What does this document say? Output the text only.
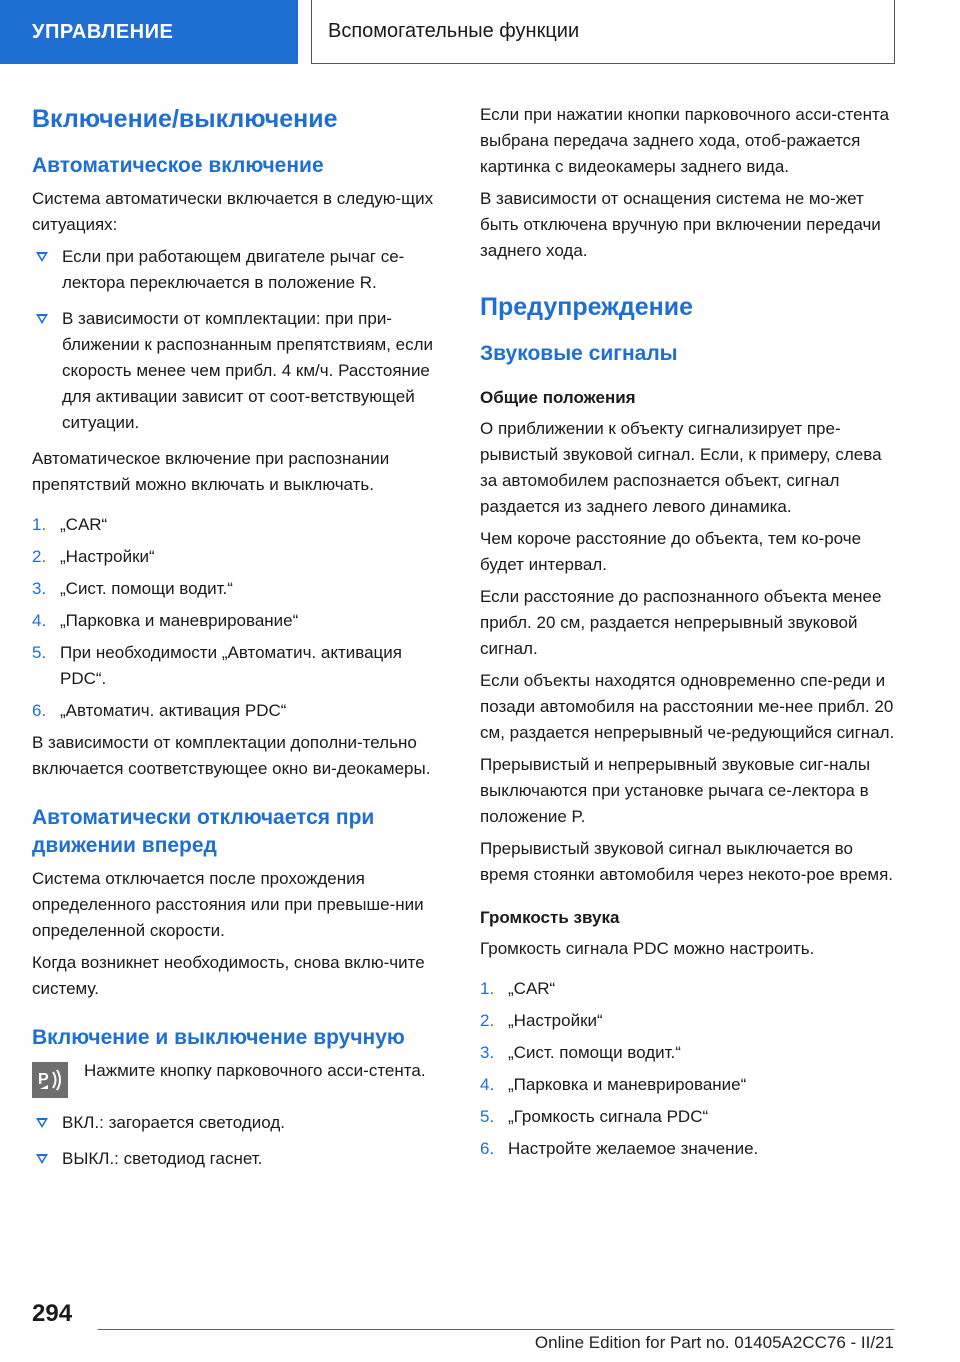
УПРАВЛЕНИЕ	Вспомогательные функции
Включение/выключение
Автоматическое включение

Система автоматически включается в следую-щих ситуациях:

Если при работающем двигателе рычаг се-лектора переключается в положение R.
В зависимости от комплектации: при при-ближении к распознанным препятствиям, если скорость менее чем прибл. 4 км/ч. Расстояние для активации зависит от соот-ветствующей ситуации.

Автоматическое включение при распознании препятствий можно включать и выключать.

1. „CAR“
2. „Настройки“
3. „Сист. помощи водит.“
4. „Парковка и маневрирование“
5. При необходимости „Автоматич. активация PDC“.
6. „Автоматич. активация PDC“

В зависимости от комплектации дополни-тельно включается соответствующее окно ви-деокамеры.

Автоматически отключается при движении вперед

Система отключается после прохождения определенного расстояния или при превыше-нии определенной скорости.

Когда возникнет необходимость, снова вклю-чите систему.

Включение и выключение вручную
P Нажмите кнопку парковочного асси-стента.

ВКЛ.: загорается светодиод.
ВЫКЛ.: светодиод гаснет.

Если при нажатии кнопки парковочного асси-стента выбрана передача заднего хода, отоб-ражается картинка с видеокамеры заднего вида.

В зависимости от оснащения система не мо-жет быть отключена вручную при включении передачи заднего хода.

Предупреждение
Звуковые сигналы
Общие положения

О приближении к объекту сигнализирует пре-рывистый звуковой сигнал. Если, к примеру, слева за автомобилем распознается объект, сигнал раздается из заднего левого динамика.

Чем короче расстояние до объекта, тем ко-роче будет интервал.

Если расстояние до распознанного объекта менее прибл. 20 см, раздается непрерывный звуковой сигнал.

Если объекты находятся одновременно спе-реди и позади автомобиля на расстоянии ме-нее прибл. 20 см, раздается непрерывный че-редующийся сигнал.

Прерывистый и непрерывный звуковые сиг-налы выключаются при установке рычага се-лектора в положение P.

Прерывистый звуковой сигнал выключается во время стоянки автомобиля через некото-рое время.

Громкость звука

Громкость сигнала PDC можно настроить.

1. „CAR“
2. „Настройки“
3. „Сист. помощи водит.“
4. „Парковка и маневрирование“
5. „Громкость сигнала PDC“
6. Настройте желаемое значение.
294
Online Edition for Part no. 01405A2CC76 - II/21
